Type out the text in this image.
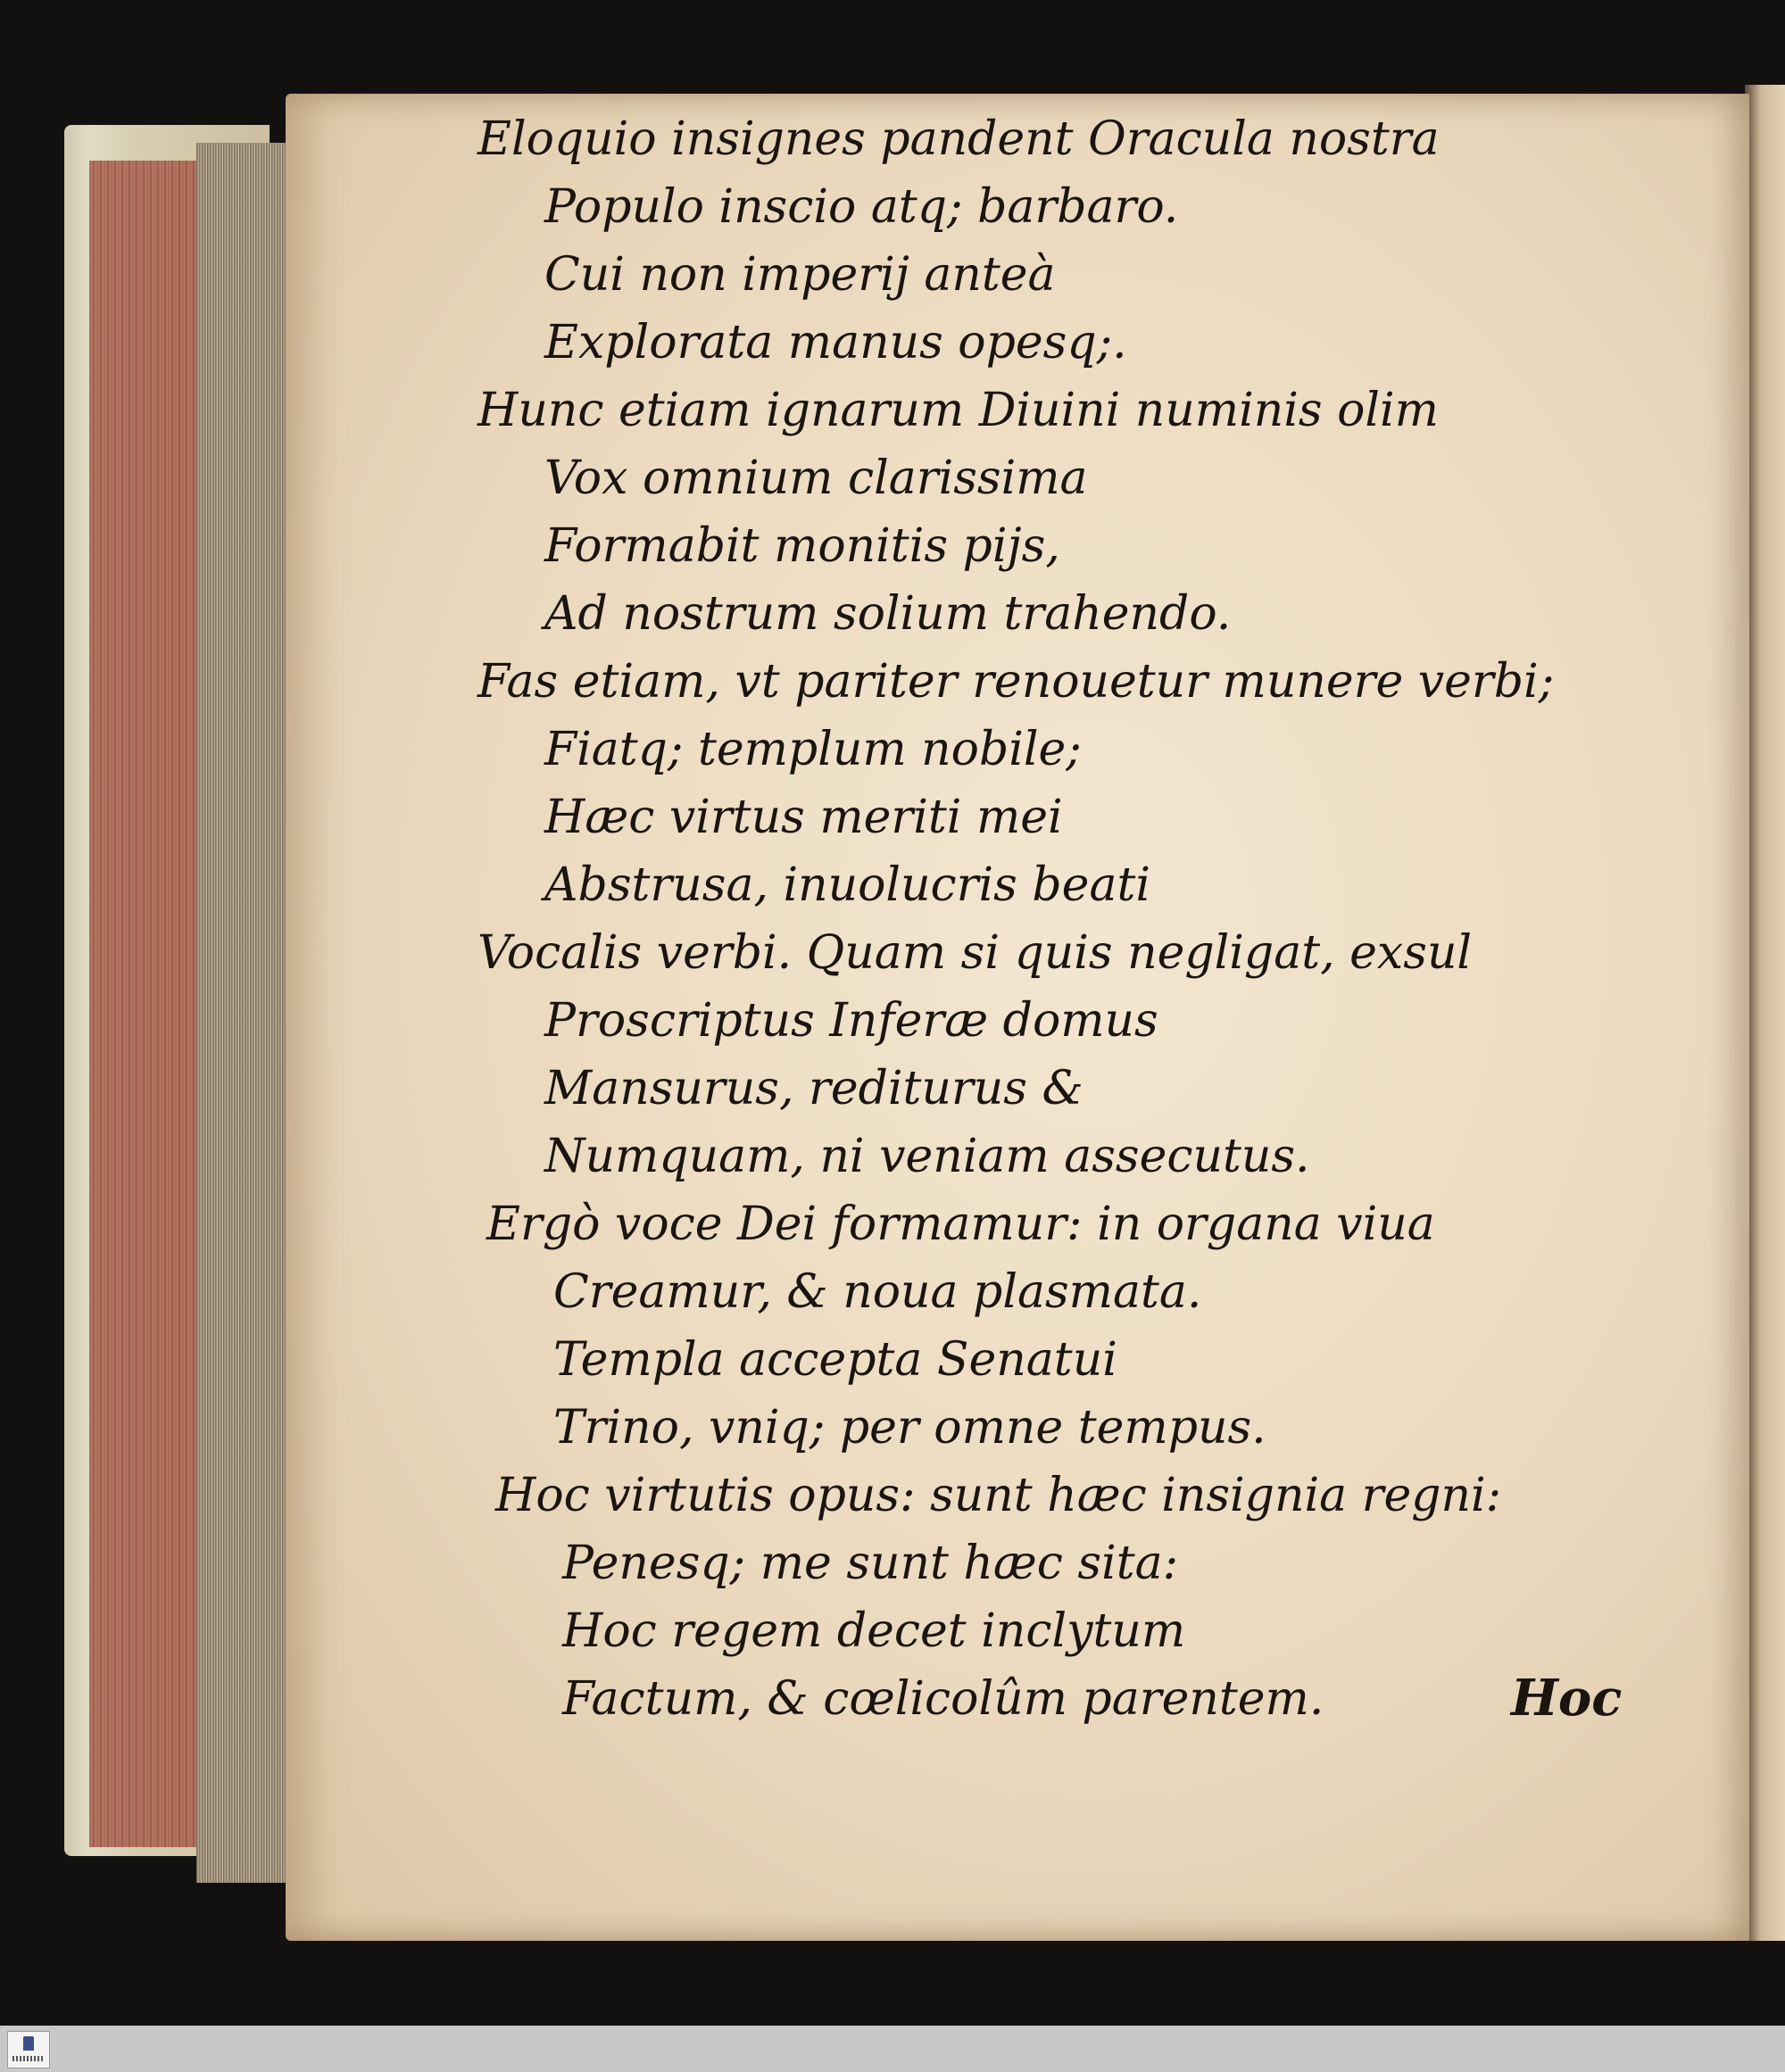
Eloquio insignes pandent Oracula nostra
Populo inscio atq; barbaro.
Cui non imperij anteà
Explorata manus opesq;.
Hunc etiam ignarum Diuini numinis olim
Vox omnium clarissima
Formabit monitis pijs,
Ad nostrum solium trahendo.
Fas etiam, vt pariter renouetur munere verbi;
Fiatq; templum nobile;
Hæc virtus meriti mei
Abstrusa, inuolucris beati
Vocalis verbi. Quam si quis negligat, exsul
Proscriptus Inferæ domus
Mansurus, rediturus &
Numquam, ni veniam assecutus.
Ergò voce Dei formamur: in organa viua
Creamur, & noua plasmata.
Templa accepta Senatui
Trino, vniq; per omne tempus.
Hoc virtutis opus: sunt hæc insignia regni:
Penesq; me sunt hæc sita:
Hoc regem decet inclytum
Factum, & cœlicolûm parentem.	Hoc
